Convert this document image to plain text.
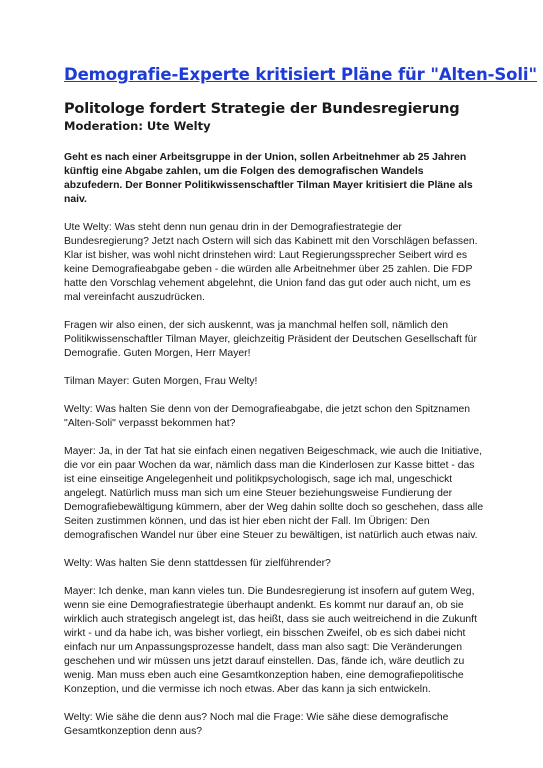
Demografie-Experte kritisiert Pläne für "Alten-Soli"
Politologe fordert Strategie der Bundesregierung
Moderation: Ute Welty

Geht es nach einer Arbeitsgruppe in der Union, sollen Arbeitnehmer ab 25 Jahren künftig eine Abgabe zahlen, um die Folgen des demografischen Wandels abzufedern. Der Bonner Politikwissenschaftler Tilman Mayer kritisiert die Pläne als naiv.

Ute Welty: Was steht denn nun genau drin in der Demografiestrategie der Bundesregierung? Jetzt nach Ostern will sich das Kabinett mit den Vorschlägen befassen. Klar ist bisher, was wohl nicht drinstehen wird: Laut Regierungssprecher Seibert wird es keine Demografieabgabe geben - die würden alle Arbeitnehmer über 25 zahlen. Die FDP hatte den Vorschlag vehement abgelehnt, die Union fand das gut oder auch nicht, um es mal vereinfacht auszudrücken.

Fragen wir also einen, der sich auskennt, was ja manchmal helfen soll, nämlich den Politikwissenschaftler Tilman Mayer, gleichzeitig Präsident der Deutschen Gesellschaft für Demografie. Guten Morgen, Herr Mayer!

Tilman Mayer: Guten Morgen, Frau Welty!

Welty: Was halten Sie denn von der Demografieabgabe, die jetzt schon den Spitznamen "Alten-Soli" verpasst bekommen hat?

Mayer: Ja, in der Tat hat sie einfach einen negativen Beigeschmack, wie auch die Initiative, die vor ein paar Wochen da war, nämlich dass man die Kinderlosen zur Kasse bittet - das ist eine einseitige Angelegenheit und politikpsychologisch, sage ich mal, ungeschickt angelegt. Natürlich muss man sich um eine Steuer beziehungsweise Fundierung der Demografiebewältigung kümmern, aber der Weg dahin sollte doch so geschehen, dass alle Seiten zustimmen können, und das ist hier eben nicht der Fall. Im Übrigen: Den demografischen Wandel nur über eine Steuer zu bewältigen, ist natürlich auch etwas naiv.

Welty: Was halten Sie denn stattdessen für zielführender?

Mayer: Ich denke, man kann vieles tun. Die Bundesregierung ist insofern auf gutem Weg, wenn sie eine Demografiestrategie überhaupt andenkt. Es kommt nur darauf an, ob sie wirklich auch strategisch angelegt ist, das heißt, dass sie auch weitreichend in die Zukunft wirkt - und da habe ich, was bisher vorliegt, ein bisschen Zweifel, ob es sich dabei nicht einfach nur um Anpassungsprozesse handelt, dass man also sagt: Die Veränderungen geschehen und wir müssen uns jetzt darauf einstellen. Das, fände ich, wäre deutlich zu wenig. Man muss eben auch eine Gesamtkonzeption haben, eine demografiepolitische Konzeption, und die vermisse ich noch etwas. Aber das kann ja sich entwickeln.

Welty: Wie sähe die denn aus? Noch mal die Frage: Wie sähe diese demografische Gesamtkonzeption denn aus?
